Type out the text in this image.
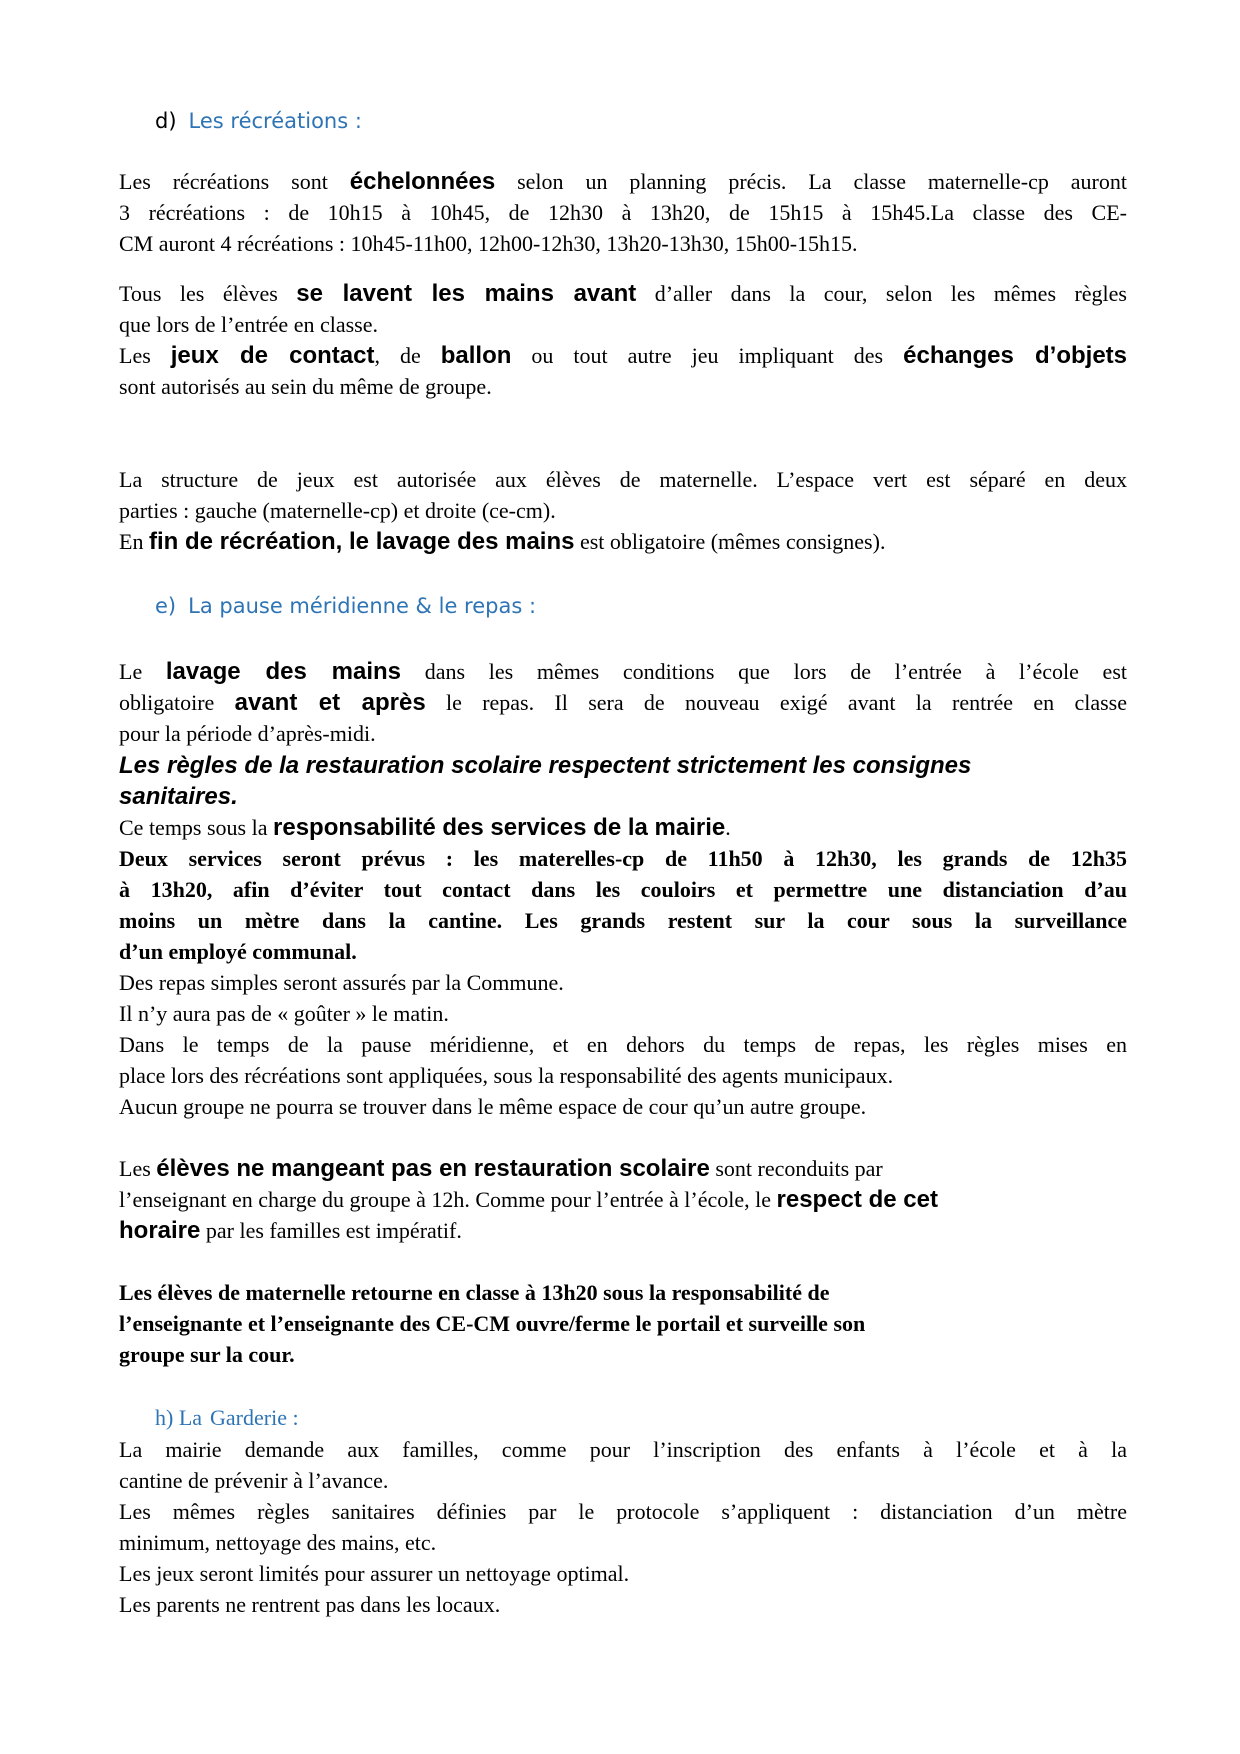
d) Les récréations :
Les récréations sont échelonnées selon un planning précis. La classe maternelle-cp auront
3 récréations : de 10h15 à 10h45, de 12h30 à 13h20, de 15h15 à 15h45.La classe des CE-
CM auront 4 récréations : 10h45-11h00, 12h00-12h30, 13h20-13h30, 15h00-15h15.
Tous les élèves se lavent les mains avant d’aller dans la cour, selon les mêmes règles
que lors de l’entrée en classe.
Les jeux de contact, de ballon ou tout autre jeu impliquant des échanges d’objets
sont autorisés au sein du même de groupe.
La structure de jeux est autorisée aux élèves de maternelle. L’espace vert est séparé en deux
parties : gauche (maternelle-cp) et droite (ce-cm).
En fin de récréation, le lavage des mains est obligatoire (mêmes consignes).
e) La pause méridienne & le repas :
Le lavage des mains dans les mêmes conditions que lors de l’entrée à l’école est
obligatoire avant et après le repas. Il sera de nouveau exigé avant la rentrée en classe
pour la période d’après-midi.
Les règles de la restauration scolaire respectent strictement les consignes
sanitaires.
Ce temps sous la responsabilité des services de la mairie.
Deux services seront prévus : les materelles-cp de 11h50 à 12h30, les grands de 12h35
à 13h20, afin d’éviter tout contact dans les couloirs et permettre une distanciation d’au
moins un mètre dans la cantine. Les grands restent sur la cour sous la surveillance
d’un employé communal.
Des repas simples seront assurés par la Commune.
Il n’y aura pas de « goûter » le matin.
Dans le temps de la pause méridienne, et en dehors du temps de repas, les règles mises en
place lors des récréations sont appliquées, sous la responsabilité des agents municipaux.
Aucun groupe ne pourra se trouver dans le même espace de cour qu’un autre groupe.
Les élèves ne mangeant pas en restauration scolaire sont reconduits par
l’enseignant en charge du groupe à 12h. Comme pour l’entrée à l’école, le respect de cet
horaire par les familles est impératif.
Les élèves de maternelle retourne en classe à 13h20 sous la responsabilité de
l’enseignante et l’enseignante des CE-CM ouvre/ferme le portail et surveille son
groupe sur la cour.
h) La Garderie :
La mairie demande aux familles, comme pour l’inscription des enfants à l’école et à la
cantine de prévenir à l’avance.
Les mêmes règles sanitaires définies par le protocole s’appliquent : distanciation d’un mètre
minimum, nettoyage des mains, etc.
Les jeux seront limités pour assurer un nettoyage optimal.
Les parents ne rentrent pas dans les locaux.
